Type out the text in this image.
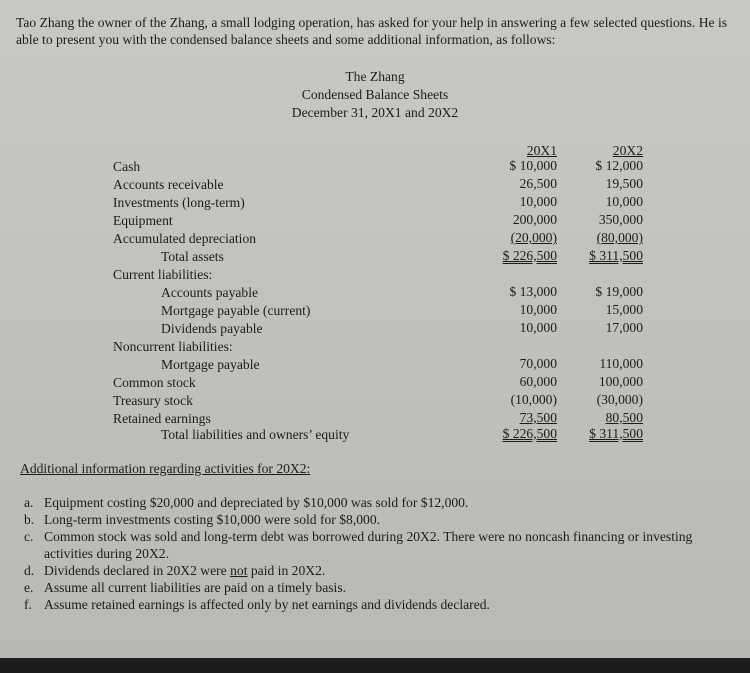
Tao Zhang the owner of the Zhang, a small lodging operation, has asked for your help in answering a few selected questions. He is able to present you with the condensed balance sheets and some additional information, as follows:
The Zhang
Condensed Balance Sheets
December 31, 20X1 and 20X2
20X1	20X2
Cash	$ 10,000	$ 12,000
Accounts receivable	26,500	19,500
Investments (long-term)	10,000	10,000
Equipment	200,000	350,000
Accumulated depreciation	(20,000)	(80,000)
Total assets	$ 226,500 $ 311,500
Current liabilities:
Accounts payable	$ 13,000	$ 19,000
Mortgage payable (current)	10,000	15,000
Dividends payable	10,000	17,000
Noncurrent liabilities:
Mortgage payable	70,000	110,000
Common stock	60,000	100,000
Treasury stock	(10,000)	(30,000)
Retained earnings	73,500	80,500
Total liabilities and owners’ equity	$ 226,500 $ 311,500
Additional information regarding activities for 20X2:
a. Equipment costing $20,000 and depreciated by $10,000 was sold for $12,000.
b. Long-term investments costing $10,000 were sold for $8,000.
c. Common stock was sold and long-term debt was borrowed during 20X2. There were no noncash financing or investing activities during 20X2.
d. Dividends declared in 20X2 were not paid in 20X2.
e. Assume all current liabilities are paid on a timely basis.
f. Assume retained earnings is affected only by net earnings and dividends declared.
